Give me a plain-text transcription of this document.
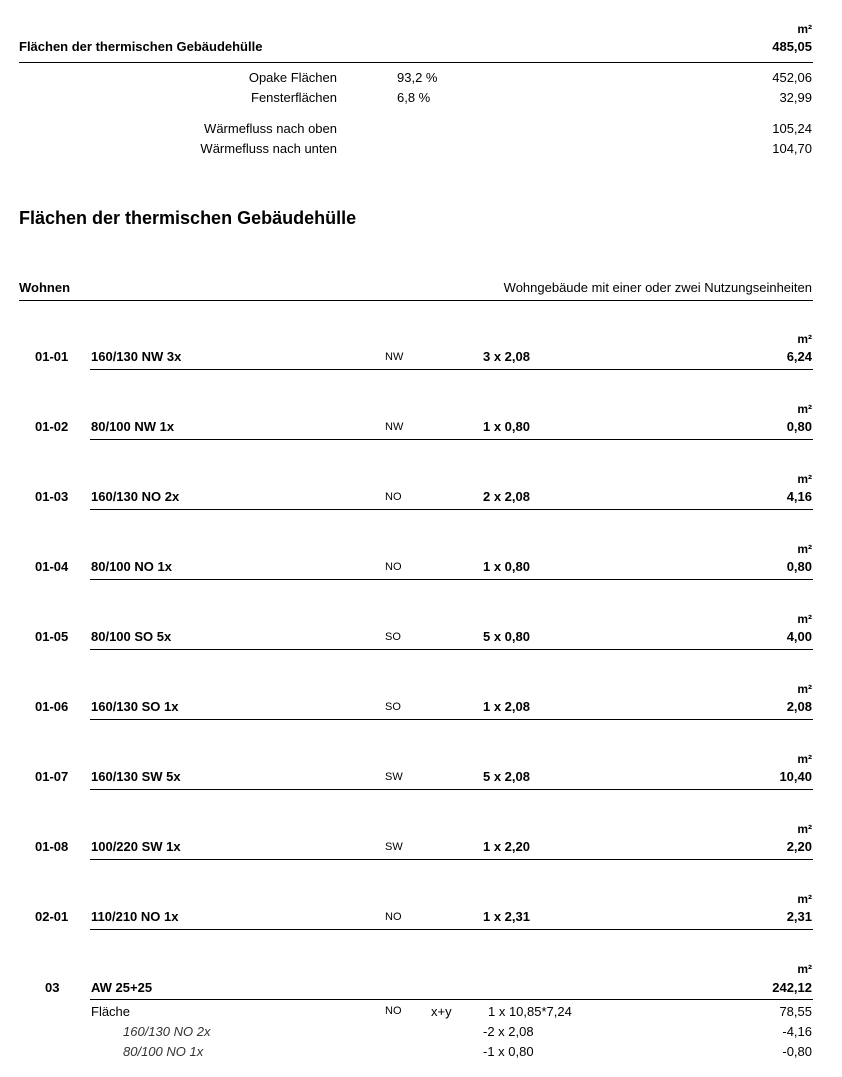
m²
Flächen der thermischen Gebäudehülle	485,05
Opake Flächen	93,2 %	452,06
Fensterflächen	6,8 %	32,99
Wärmefluss nach oben	105,24
Wärmefluss nach unten	104,70
Flächen der thermischen Gebäudehülle
Wohnen	Wohngebäude mit einer oder zwei Nutzungseinheiten
m²
01-01 160/130 NW 3x	NW	3 x 2,08	6,24
m²
01-02 80/100 NW 1x	NW	1 x 0,80	0,80
m²
01-03 160/130 NO 2x	NO	2 x 2,08	4,16
m²
01-04 80/100 NO 1x	NO	1 x 0,80	0,80
m²
01-05 80/100 SO 5x	SO	5 x 0,80	4,00
m²
01-06 160/130 SO 1x	SO	1 x 2,08	2,08
m²
01-07 160/130 SW 5x	SW	5 x 2,08	10,40
m²
01-08 100/220 SW 1x	SW	1 x 2,20	2,20
m²
02-01 110/210 NO 1x	NO	1 x 2,31	2,31
m²
03 AW 25+25	242,12
Fläche	NO x+y	1 x 10,85*7,24	78,55
160/130 NO 2x	-2 x 2,08	-4,16
80/100 NO 1x	-1 x 0,80	-0,80
